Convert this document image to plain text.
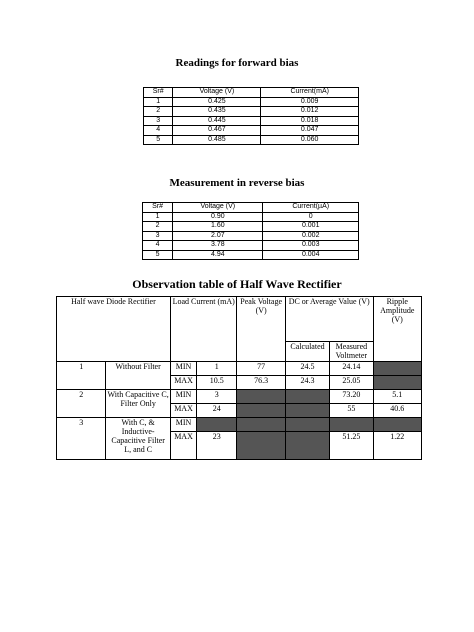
Readings for forward bias
Sr#	Voltage (V)	Current(mA)
1	0.425	0.009
2	0.435	0.012
3	0.445	0.018
4	0.467	0.047
5	0.485	0.060
Measurement in reverse bias
Sr#	Voltage (V)	Current(µA)
1	0.90	0
2	1.60	0.001
3	2.07	0.002
4	3.78	0.003
5	4.94	0.004
Observation table of Half Wave Rectifier
Half wave Diode Rectifier		Load Current (mA)		Peak Voltage (V)	DC or Average Value (V)		Ripple Amplitude (V)
					Calculated	Measured Voltmeter	
1	Without Filter	MIN	1	77	24.5	24.14	
		MAX	10.5	76.3	24.3	25.05	
2	With Capacitive C, Filter Only	MIN	3			73.20	5.1
		MAX	24			55	40.6
3	With C, & Inductive-Capacitive Filter L, and C	MIN					
		MAX	23			51.25	1.22
